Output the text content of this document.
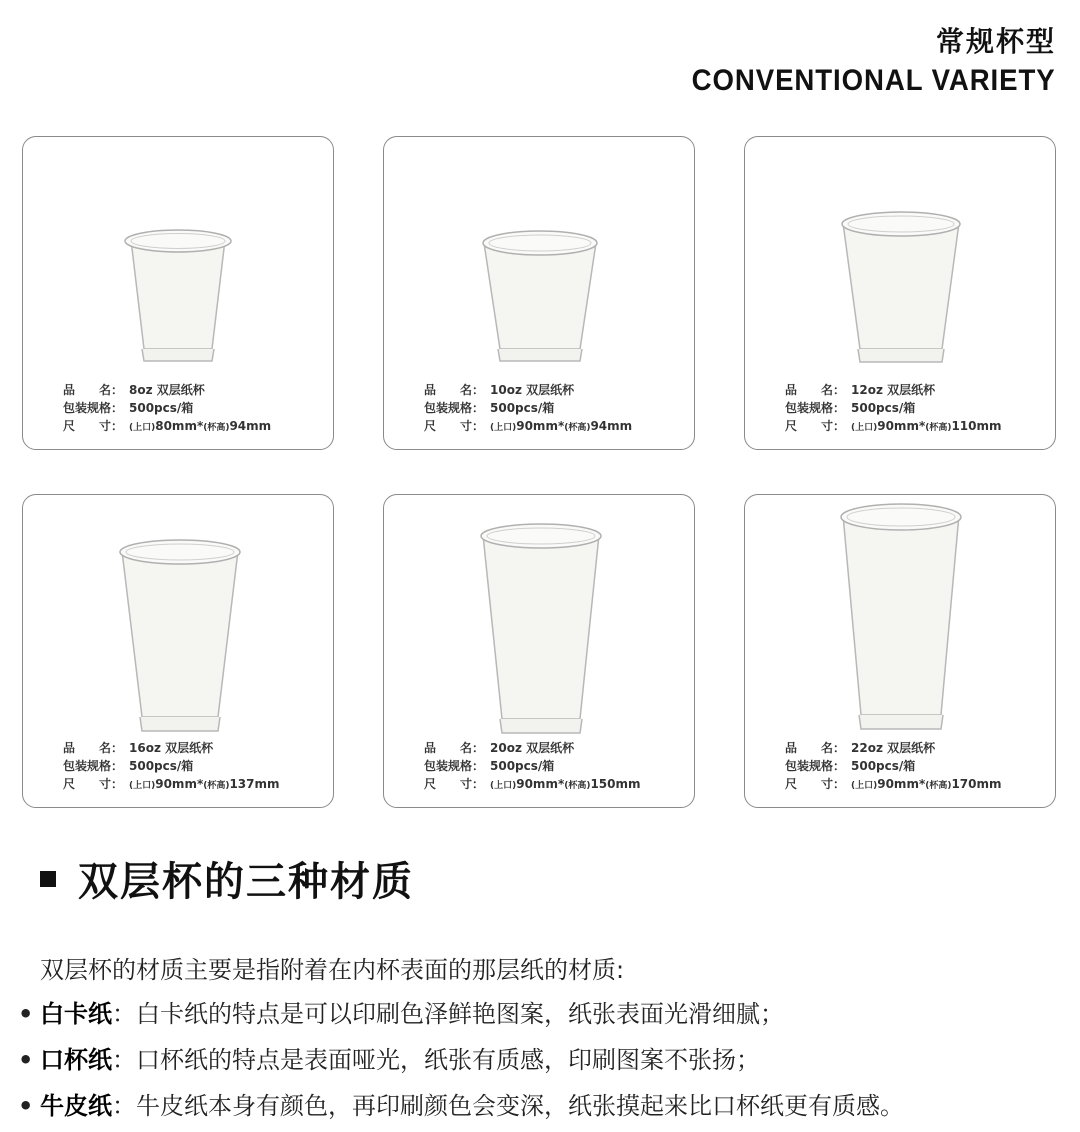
常规杯型
CONVENTIONAL VARIETY
品　　名： 8oz 双层纸杯
包装规格： 500pcs/箱
尺　　寸： (上口)80mm*(杯高)94mm
品　　名： 10oz 双层纸杯
包装规格： 500pcs/箱
尺　　寸： (上口)90mm*(杯高)94mm
品　　名： 12oz 双层纸杯
包装规格： 500pcs/箱
尺　　寸： (上口)90mm*(杯高)110mm
品　　名： 16oz 双层纸杯
包装规格： 500pcs/箱
尺　　寸： (上口)90mm*(杯高)137mm
品　　名： 20oz 双层纸杯
包装规格： 500pcs/箱
尺　　寸： (上口)90mm*(杯高)150mm
品　　名： 22oz 双层纸杯
包装规格： 500pcs/箱
尺　　寸： (上口)90mm*(杯高)170mm
双层杯的三种材质
双层杯的材质主要是指附着在内杯表面的那层纸的材质:
• 白卡纸：白卡纸的特点是可以印刷色泽鲜艳图案，纸张表面光滑细腻；
• 口杯纸：口杯纸的特点是表面哑光，纸张有质感，印刷图案不张扬；
• 牛皮纸：牛皮纸本身有颜色，再印刷颜色会变深，纸张摸起来比口杯纸更有质感。
